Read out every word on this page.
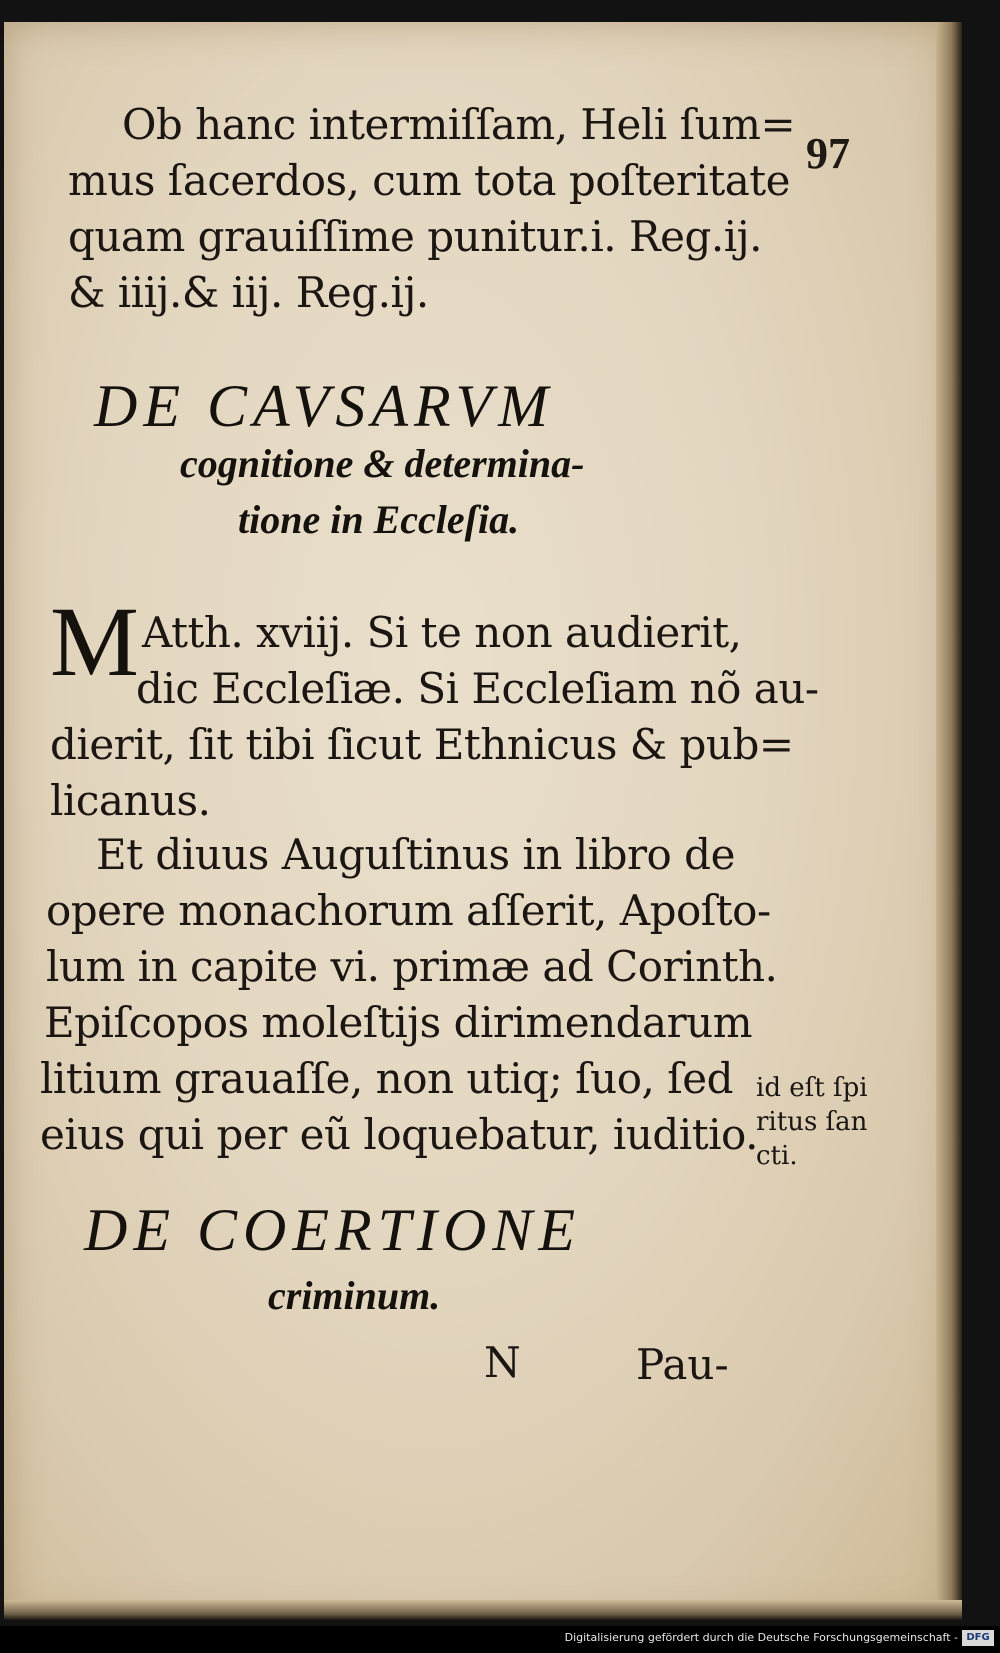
97
Ob hanc intermiſſam, Heli ſum=
mus ſacerdos, cum tota poſteritate
quam grauiſſime punitur.i. Reg.ij.
& iiij.& iij. Reg.ij.
DE CAVSARVM
cognitione & determina-
tione in Eccleſia.
M Atth. xviij. Si te non audierit,
dic Eccleſiæ. Si Eccleſiam nõ au-
dierit, ſit tibi ſicut Ethnicus & pub=
licanus.
Et diuus Auguſtinus in libro de
opere monachorum aſſerit, Apoſto-
lum in capite vi. primæ ad Corinth.
Epiſcopos moleſtijs dirimendarum
litium grauaſſe, non utiq; ſuo, ſed
eius qui per eũ loquebatur, iuditio.
id eſt ſpi
ritus ſan
cti.
DE COERTIONE
criminum.
N	Pau-
Digitalisierung gefördert durch die Deutsche Forschungsgemeinschaft - DFG
